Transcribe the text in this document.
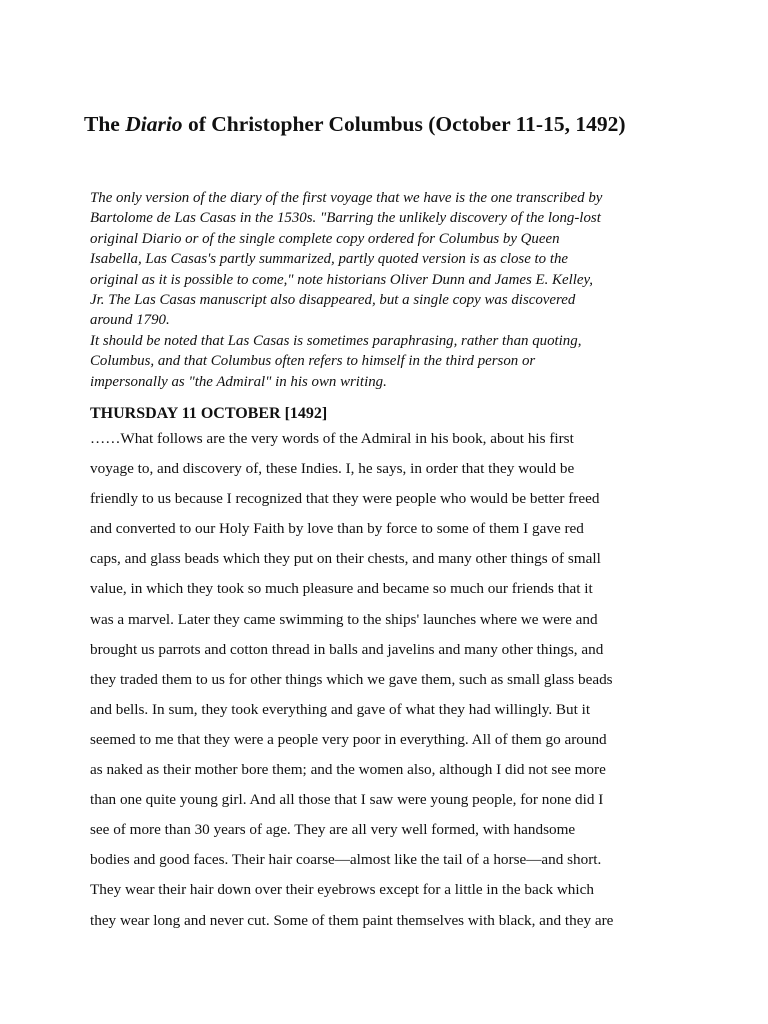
The Diario of Christopher Columbus (October 11-15, 1492)
The only version of the diary of the first voyage that we have is the one transcribed by
Bartolome de Las Casas in the 1530s. "Barring the unlikely discovery of the long-lost
original Diario or of the single complete copy ordered for Columbus by Queen
Isabella, Las Casas's partly summarized, partly quoted version is as close to the
original as it is possible to come," note historians Oliver Dunn and James E. Kelley,
Jr. The Las Casas manuscript also disappeared, but a single copy was discovered
around 1790.
It should be noted that Las Casas is sometimes paraphrasing, rather than quoting,
Columbus, and that Columbus often refers to himself in the third person or
impersonally as "the Admiral" in his own writing.
THURSDAY 11 OCTOBER [1492]
……What follows are the very words of the Admiral in his book, about his first
voyage to, and discovery of, these Indies. I, he says, in order that they would be
friendly to us because I recognized that they were people who would be better freed
and converted to our Holy Faith by love than by force to some of them I gave red
caps, and glass beads which they put on their chests, and many other things of small
value, in which they took so much pleasure and became so much our friends that it
was a marvel. Later they came swimming to the ships' launches where we were and
brought us parrots and cotton thread in balls and javelins and many other things, and
they traded them to us for other things which we gave them, such as small glass beads
and bells. In sum, they took everything and gave of what they had willingly. But it
seemed to me that they were a people very poor in everything. All of them go around
as naked as their mother bore them; and the women also, although I did not see more
than one quite young girl. And all those that I saw were young people, for none did I
see of more than 30 years of age. They are all very well formed, with handsome
bodies and good faces. Their hair coarse—almost like the tail of a horse—and short.
They wear their hair down over their eyebrows except for a little in the back which
they wear long and never cut. Some of them paint themselves with black, and they are
